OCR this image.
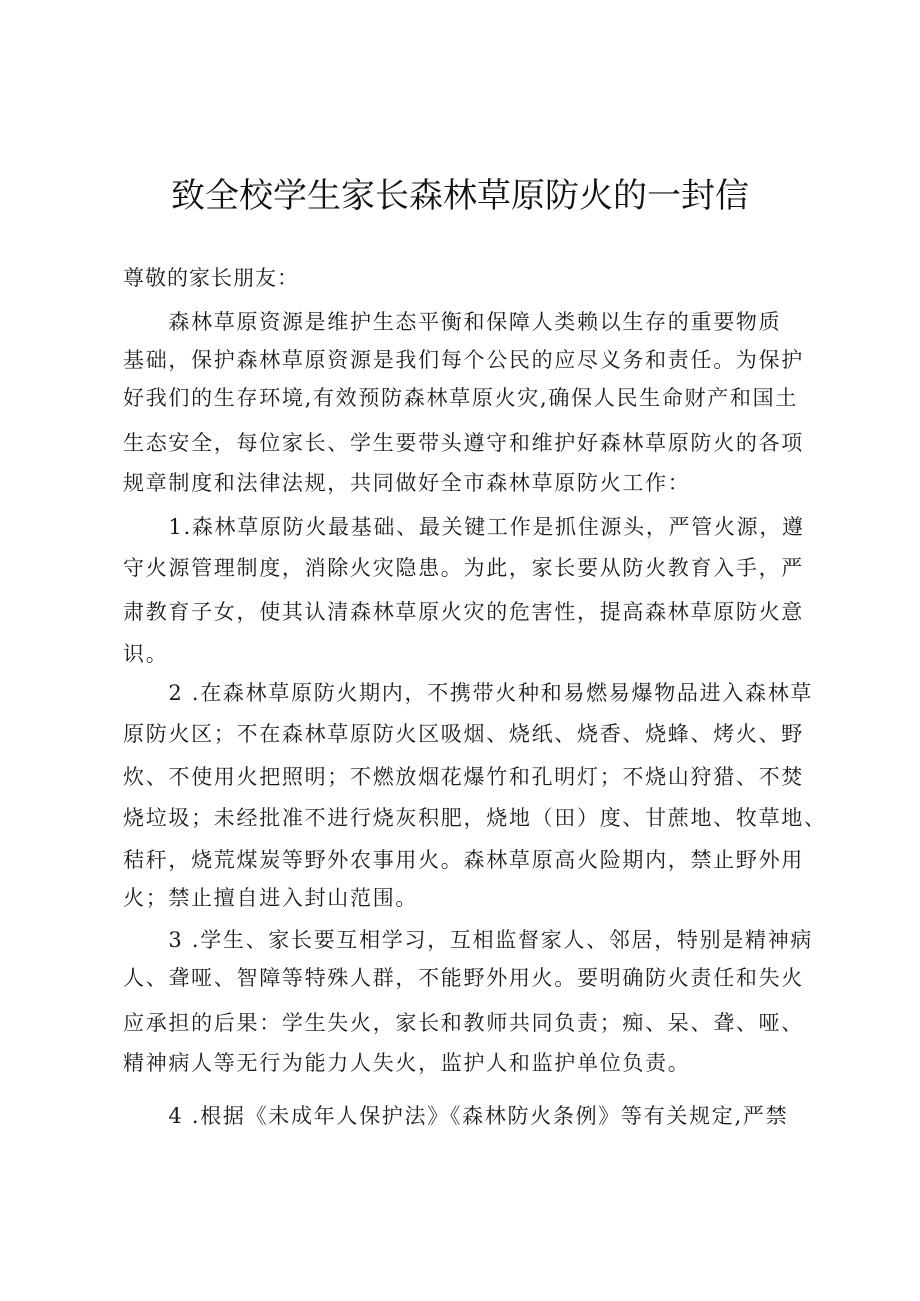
致全校学生家长森林草原防火的一封信
尊敬的家长朋友：
　　森林草原资源是维护生态平衡和保障人类赖以生存的重要物质
基础，保护森林草原资源是我们每个公民的应尽义务和责任。为保护
好我们的生存环境,有效预防森林草原火灾,确保人民生命财产和国土
生态安全，每位家长、学生要带头遵守和维护好森林草原防火的各项
规章制度和法律法规，共同做好全市森林草原防火工作：
　　1.森林草原防火最基础、最关键工作是抓住源头，严管火源，遵
守火源管理制度，消除火灾隐患。为此，家长要从防火教育入手，严
肃教育子女，使其认清森林草原火灾的危害性，提高森林草原防火意
识。
　　2 .在森林草原防火期内，不携带火种和易燃易爆物品进入森林草
原防火区；不在森林草原防火区吸烟、烧纸、烧香、烧蜂、烤火、野
炊、不使用火把照明；不燃放烟花爆竹和孔明灯；不烧山狩猎、不焚
烧垃圾；未经批准不进行烧灰积肥，烧地（田）度、甘蔗地、牧草地、
秸秆，烧荒煤炭等野外农事用火。森林草原高火险期内，禁止野外用
火；禁止擅自进入封山范围。
　　3 .学生、家长要互相学习，互相监督家人、邻居，特别是精神病
人、聋哑、智障等特殊人群，不能野外用火。要明确防火责任和失火
应承担的后果：学生失火，家长和教师共同负责；痴、呆、聋、哑、
精神病人等无行为能力人失火，监护人和监护单位负责。
　　4 .根据《未成年人保护法》《森林防火条例》等有关规定,严禁
